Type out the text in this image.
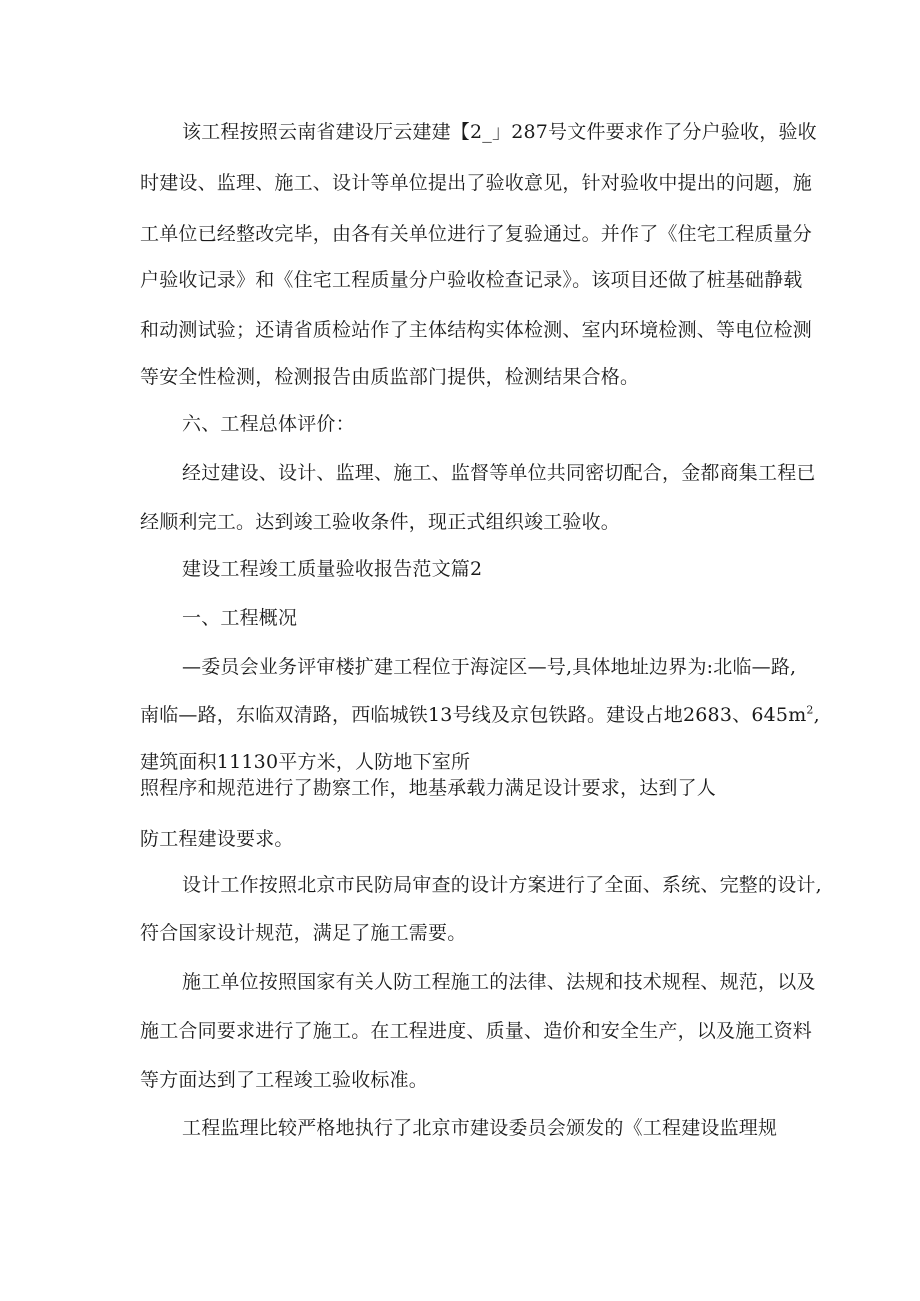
该工程按照云南省建设厅云建建【2_」287号文件要求作了分户验收，验收
时建设、监理、施工、设计等单位提出了验收意见，针对验收中提出的问题，施
工单位已经整改完毕，由各有关单位进行了复验通过。并作了《住宅工程质量分
户验收记录》和《住宅工程质量分户验收检查记录》。该项目还做了桩基础静载
和动测试验；还请省质检站作了主体结构实体检测、室内环境检测、等电位检测
等安全性检测，检测报告由质监部门提供，检测结果合格。
六、工程总体评价：
经过建设、设计、监理、施工、监督等单位共同密切配合，金都商集工程已
经顺利完工。达到竣工验收条件，现正式组织竣工验收。
建设工程竣工质量验收报告范文篇2
一、工程概况
—委员会业务评审楼扩建工程位于海淀区—号,具体地址边界为:北临—路,
南临—路，东临双清路，西临城铁13号线及京包铁路。建设占地2683、$645m^2$,
建筑面积11130平方米，人防地下室所
照程序和规范进行了勘察工作，地基承载力满足设计要求，达到了人
防工程建设要求。
设计工作按照北京市民防局审查的设计方案进行了全面、系统、完整的设计,
符合国家设计规范，满足了施工需要。
施工单位按照国家有关人防工程施工的法律、法规和技术规程、规范，以及
施工合同要求进行了施工。在工程进度、质量、造价和安全生产，以及施工资料
等方面达到了工程竣工验收标准。
工程监理比较严格地执行了北京市建设委员会颁发的《工程建设监理规
